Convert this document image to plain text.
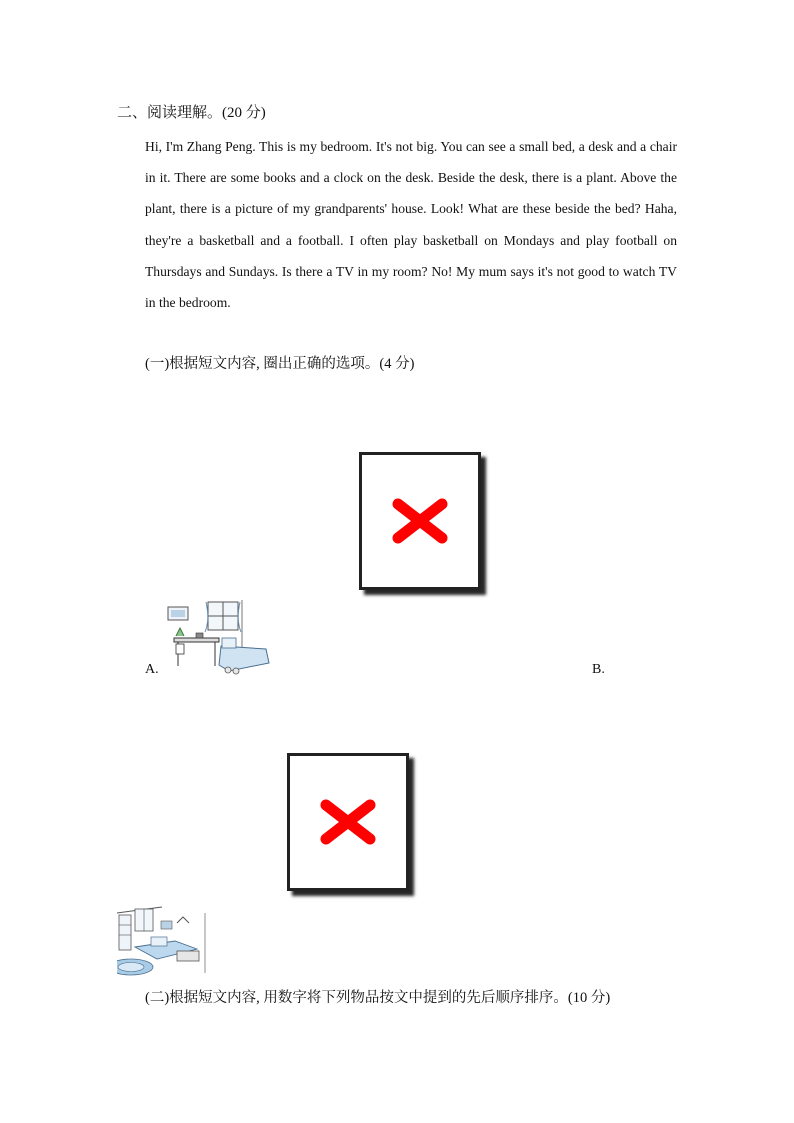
二、阅读理解。(20 分)
Hi, I'm Zhang Peng. This is my bedroom. It's not big. You can see a small bed, a desk and a chair in it. There are some books and a clock on the desk. Beside the desk, there is a plant. Above the plant, there is a picture of my grandparents' house. Look! What are these beside the bed? Haha, they're a basketball and a football. I often play basketball on Mondays and play football on Thursdays and Sundays. Is there a TV in my room? No! My mum says it's not good to watch TV in the bedroom.
(一)根据短文内容, 圈出正确的选项。(4 分)
A.	B.
(二)根据短文内容, 用数字将下列物品按文中提到的先后顺序排序。(10 分)
